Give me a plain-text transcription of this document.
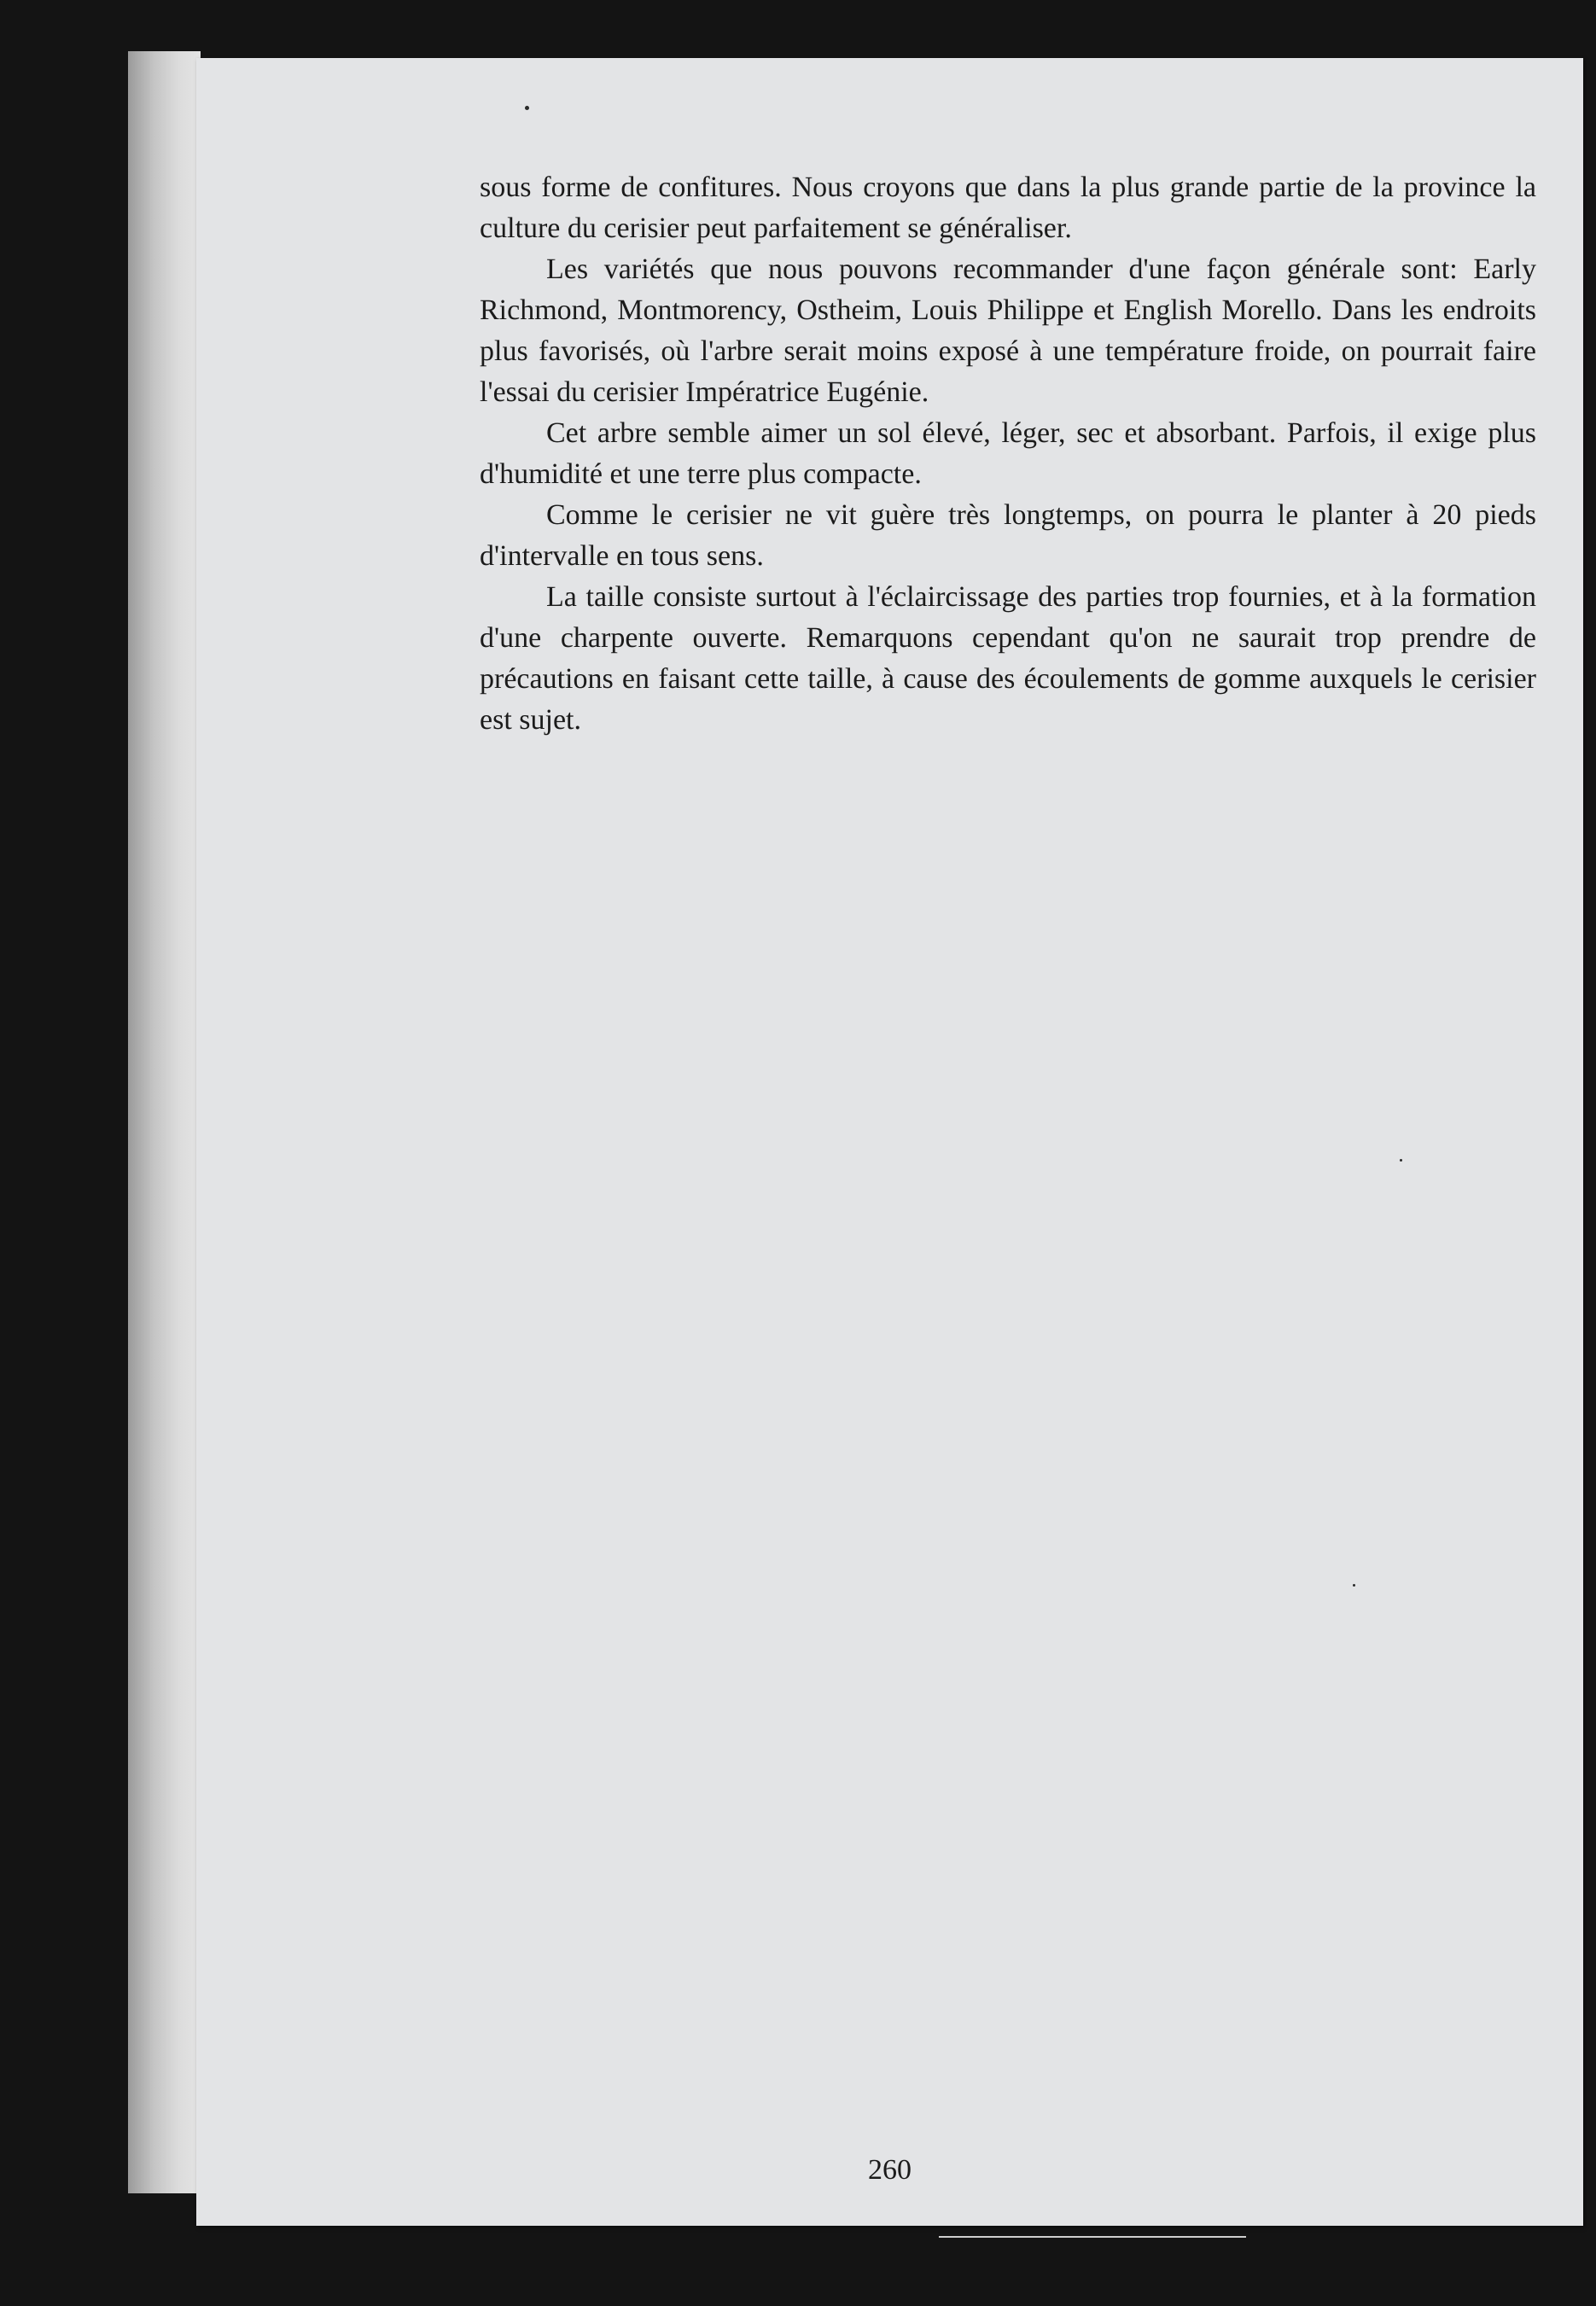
sous forme de confitures. Nous croyons que dans la plus grande partie de la province la culture du cerisier peut parfaitement se généraliser.

Les variétés que nous pouvons recommander d'une façon générale sont: Early Richmond, Montmorency, Ostheim, Louis Philippe et English Morello. Dans les endroits plus favorisés, où l'arbre serait moins exposé à une température froide, on pourrait faire l'essai du cerisier Impératrice Eugénie.

Cet arbre semble aimer un sol élevé, léger, sec et absorbant. Parfois, il exige plus d'humidité et une terre plus compacte.

Comme le cerisier ne vit guère très longtemps, on pourra le planter à 20 pieds d'intervalle en tous sens.

La taille consiste surtout à l'éclaircissage des parties trop fournies, et à la formation d'une charpente ouverte. Remarquons cependant qu'on ne saurait trop prendre de précautions en faisant cette taille, à cause des écoulements de gomme auxquels le cerisier est sujet.

260
